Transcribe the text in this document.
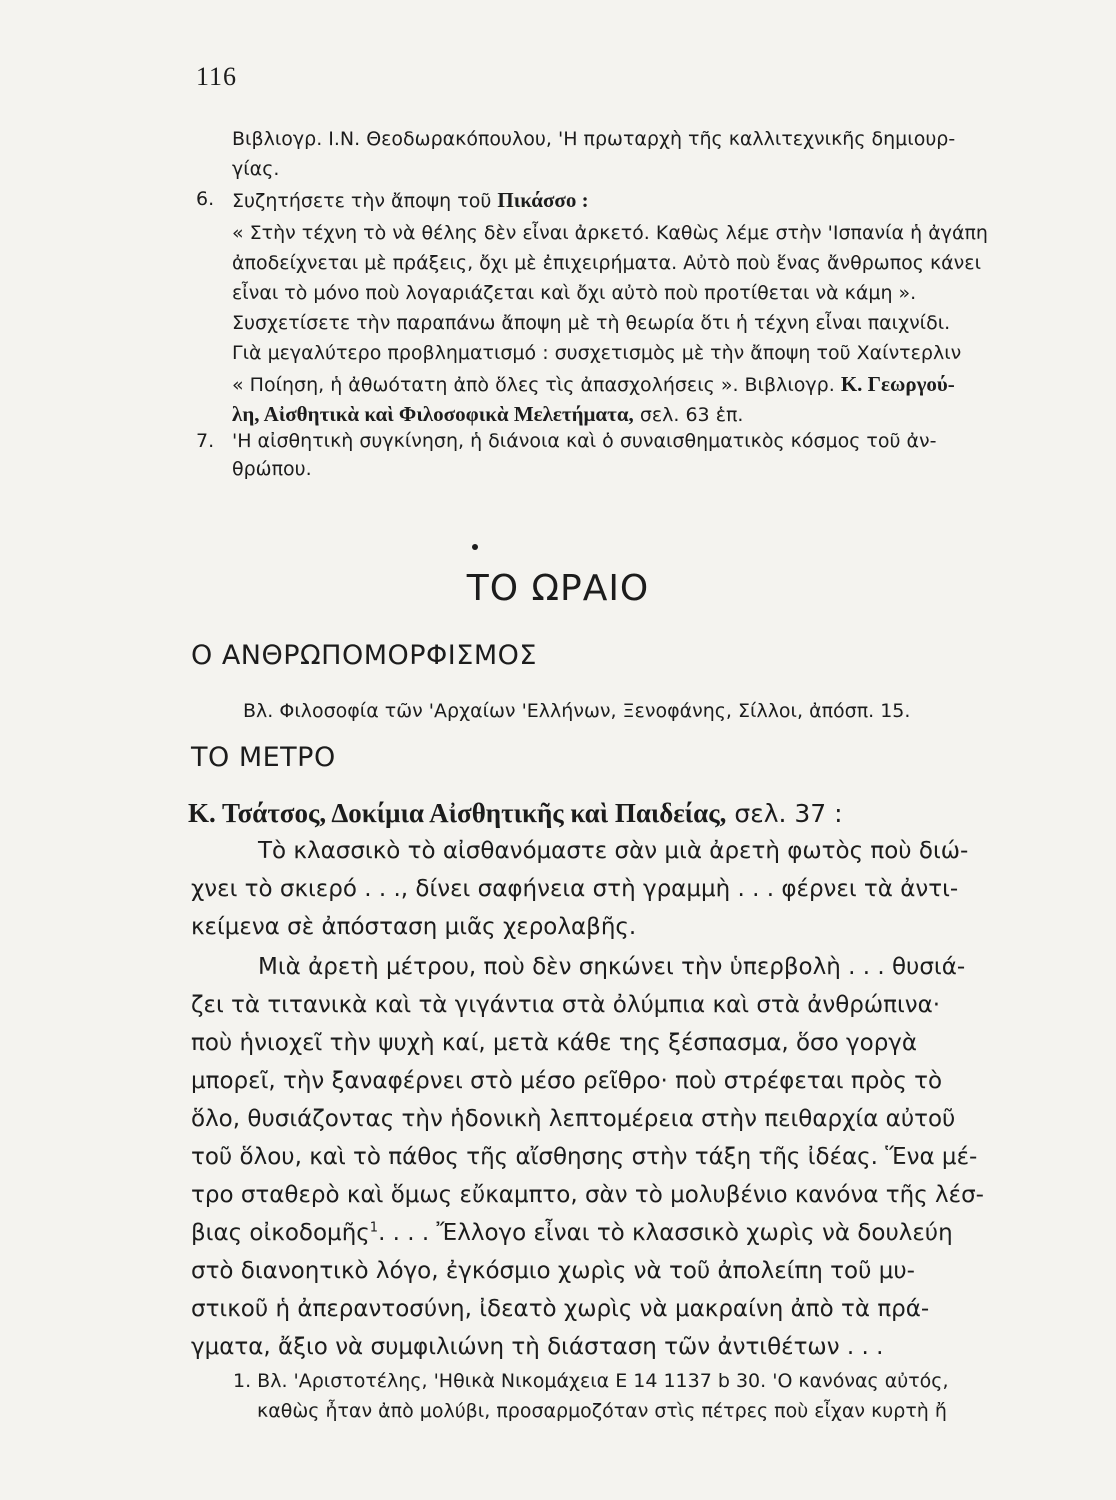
116
Βιβλιογρ. Ι.Ν. Θεοδωρακόπουλου, 'Η πρωταρχὴ τῆς καλλιτεχνικῆς δημιουρ-
γίας.
6. Συζητήσετε τὴν ἄποψη τοῦ Πικάσσο :
« Στὴν τέχνη τὸ νὰ θέλης δὲν εἶναι ἀρκετό. Καθὼς λέμε στὴν 'Ισπανία ἡ ἀγάπη
ἀποδείχνεται μὲ πράξεις, ὄχι μὲ ἐπιχειρήματα. Αὐτὸ ποὺ ἕνας ἄνθρωπος κάνει
εἶναι τὸ μόνο ποὺ λογαριάζεται καὶ ὄχι αὐτὸ ποὺ προτίθεται νὰ κάμη ».
Συσχετίσετε τὴν παραπάνω ἄποψη μὲ τὴ θεωρία ὅτι ἡ τέχνη εἶναι παιχνίδι.
Γιὰ μεγαλύτερο προβληματισμό : συσχετισμὸς μὲ τὴν ἄποψη τοῦ Χαίντερλιν
« Ποίηση, ἡ ἀθωότατη ἀπὸ ὅλες τὶς ἀπασχολήσεις ». Βιβλιογρ. Κ. Γεωργού-
λη, Αἰσθητικὰ καὶ Φιλοσοφικὰ Μελετήματα, σελ. 63 ἑπ.
7. 'Η αἰσθητικὴ συγκίνηση, ἡ διάνοια καὶ ὁ συναισθηματικὸς κόσμος τοῦ ἀν-
θρώπου.
ΤΟ ΩΡΑΙΟ
Ο ΑΝΘΡΩΠΟΜΟΡΦΙΣΜΟΣ
Βλ. Φιλοσοφία τῶν 'Αρχαίων 'Ελλήνων, Ξενοφάνης, Σίλλοι, ἀπόσπ. 15.
ΤΟ ΜΕΤΡΟ
Κ. Τσάτσος, Δοκίμια Αἰσθητικῆς καὶ Παιδείας, σελ. 37 :
Τὸ κλασσικὸ τὸ αἰσθανόμαστε σὰν μιὰ ἀρετὴ φωτὸς ποὺ διώ-
χνει τὸ σκιερό . . ., δίνει σαφήνεια στὴ γραμμὴ . . . φέρνει τὰ ἀντι-
κείμενα σὲ ἀπόσταση μιᾶς χερολαβῆς.
Μιὰ ἀρετὴ μέτρου, ποὺ δὲν σηκώνει τὴν ὑπερβολὴ . . . θυσιά-
ζει τὰ τιτανικὰ καὶ τὰ γιγάντια στὰ ὀλύμπια καὶ στὰ ἀνθρώπινα·
ποὺ ἡνιοχεῖ τὴν ψυχὴ καί, μετὰ κάθε της ξέσπασμα, ὅσο γοργὰ
μπορεῖ, τὴν ξαναφέρνει στὸ μέσο ρεῖθρο· ποὺ στρέφεται πρὸς τὸ
ὅλο, θυσιάζοντας τὴν ἡδονικὴ λεπτομέρεια στὴν πειθαρχία αὐτοῦ
τοῦ ὅλου, καὶ τὸ πάθος τῆς αἴσθησης στὴν τάξη τῆς ἰδέας. Ἕνα μέ-
τρο σταθερὸ καὶ ὅμως εὔκαμπτο, σὰν τὸ μολυβένιο κανόνα τῆς λέσ-
βιας οἰκοδομῆς$^1$. . . . Ἔλλογο εἶναι τὸ κλασσικὸ χωρὶς νὰ δουλεύη
στὸ διανοητικὸ λόγο, ἐγκόσμιο χωρὶς νὰ τοῦ ἀπολείπη τοῦ μυ-
στικοῦ ἡ ἀπεραντοσύνη, ἰδεατὸ χωρὶς νὰ μακραίνη ἀπὸ τὰ πρά-
γματα, ἄξιο νὰ συμφιλιώνη τὴ διάσταση τῶν ἀντιθέτων . . .
1. Βλ. 'Αριστοτέλης, 'Ηθικὰ Νικομάχεια Ε 14 1137 b 30. 'Ο κανόνας αὐτός,
καθὼς ἦταν ἀπὸ μολύβι, προσαρμοζόταν στὶς πέτρες ποὺ εἶχαν κυρτὴ ἤ
